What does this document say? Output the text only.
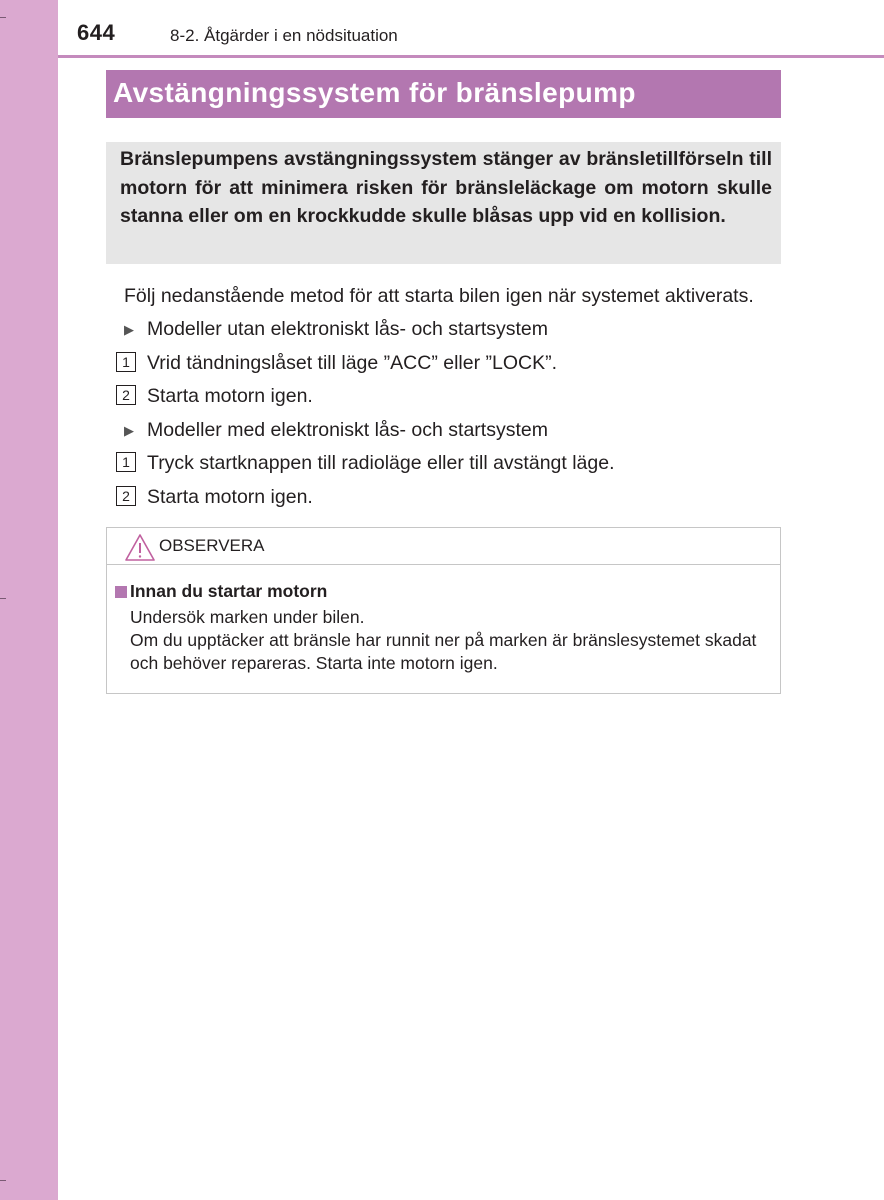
644	8-2. Åtgärder i en nödsituation
Avstängningssystem för bränslepump
Bränslepumpens avstängningssystem stänger av bränsletillförseln till motorn för att minimera risken för bränsleläckage om motorn skulle stanna eller om en krockkudde skulle blåsas upp vid en kollision.
Följ nedanstående metod för att starta bilen igen när systemet aktiverats.
▶ Modeller utan elektroniskt lås- och startsystem
1 Vrid tändningslåset till läge ”ACC” eller ”LOCK”.
2 Starta motorn igen.
▶ Modeller med elektroniskt lås- och startsystem
1 Tryck startknappen till radioläge eller till avstängt läge.
2 Starta motorn igen.
OBSERVERA
Innan du startar motorn

Undersök marken under bilen.

Om du upptäcker att bränsle har runnit ner på marken är bränslesystemet skadat och behöver repareras. Starta inte motorn igen.
